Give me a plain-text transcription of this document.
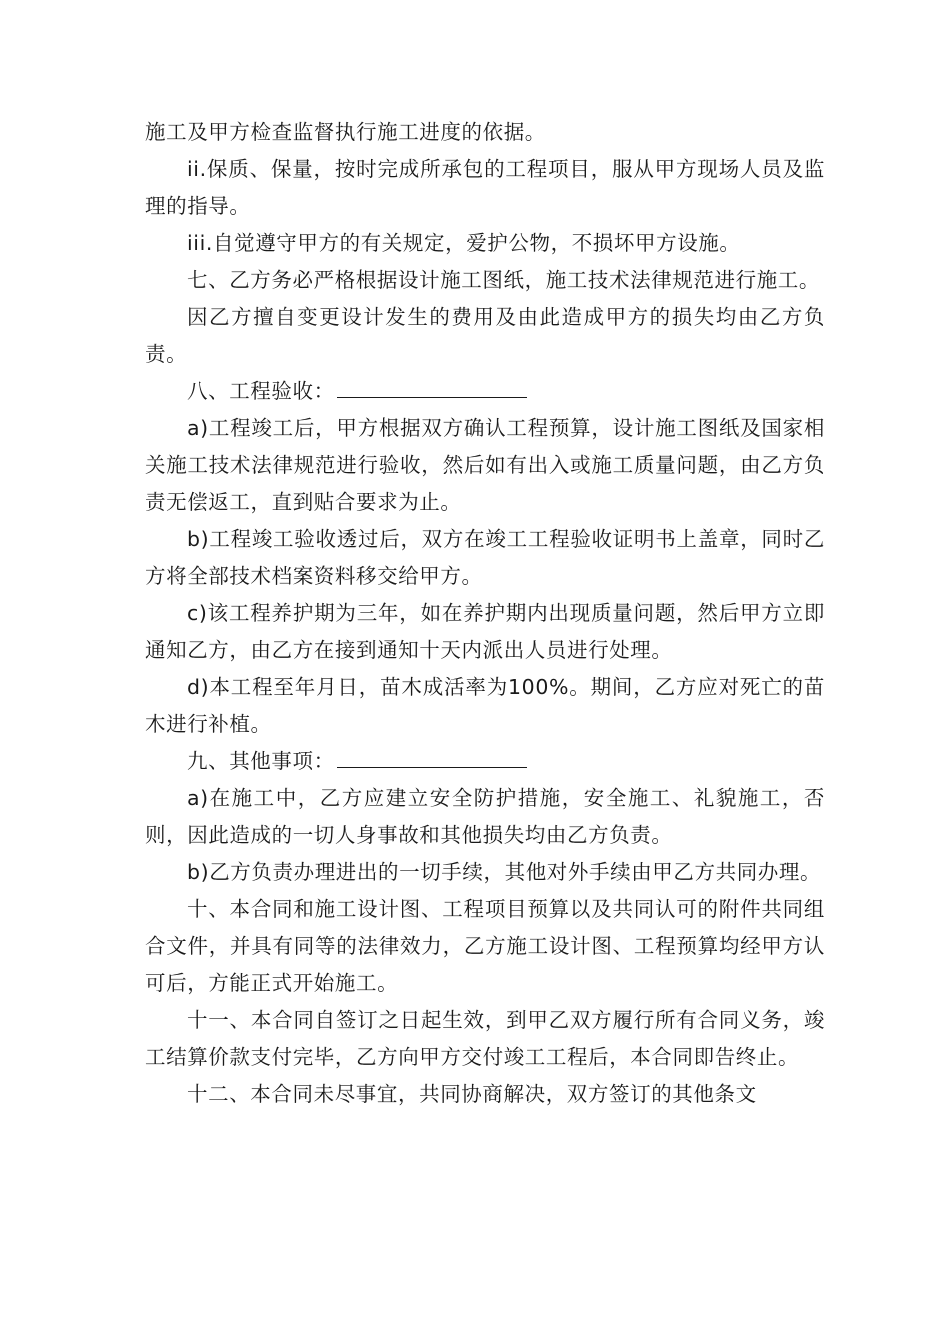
施工及甲方检查监督执行施工进度的依据。

ii.保质、保量，按时完成所承包的工程项目，服从甲方现场人员及监理的指导。

iii.自觉遵守甲方的有关规定，爱护公物，不损坏甲方设施。

七、乙方务必严格根据设计施工图纸，施工技术法律规范进行施工。

因乙方擅自变更设计发生的费用及由此造成甲方的损失均由乙方负责。

八、工程验收：

a)工程竣工后，甲方根据双方确认工程预算，设计施工图纸及国家相关施工技术法律规范进行验收，然后如有出入或施工质量问题，由乙方负责无偿返工，直到贴合要求为止。

b)工程竣工验收透过后，双方在竣工工程验收证明书上盖章，同时乙方将全部技术档案资料移交给甲方。

c)该工程养护期为三年，如在养护期内出现质量问题，然后甲方立即通知乙方，由乙方在接到通知十天内派出人员进行处理。

d)本工程至年月日，苗木成活率为100%。期间，乙方应对死亡的苗木进行补植。

九、其他事项：

a)在施工中，乙方应建立安全防护措施，安全施工、礼貌施工，否则，因此造成的一切人身事故和其他损失均由乙方负责。

b)乙方负责办理进出的一切手续，其他对外手续由甲乙方共同办理。

十、本合同和施工设计图、工程项目预算以及共同认可的附件共同组合文件，并具有同等的法律效力，乙方施工设计图、工程预算均经甲方认可后，方能正式开始施工。

十一、本合同自签订之日起生效，到甲乙双方履行所有合同义务，竣工结算价款支付完毕，乙方向甲方交付竣工工程后，本合同即告终止。

十二、本合同未尽事宜，共同协商解决，双方签订的其他条文
